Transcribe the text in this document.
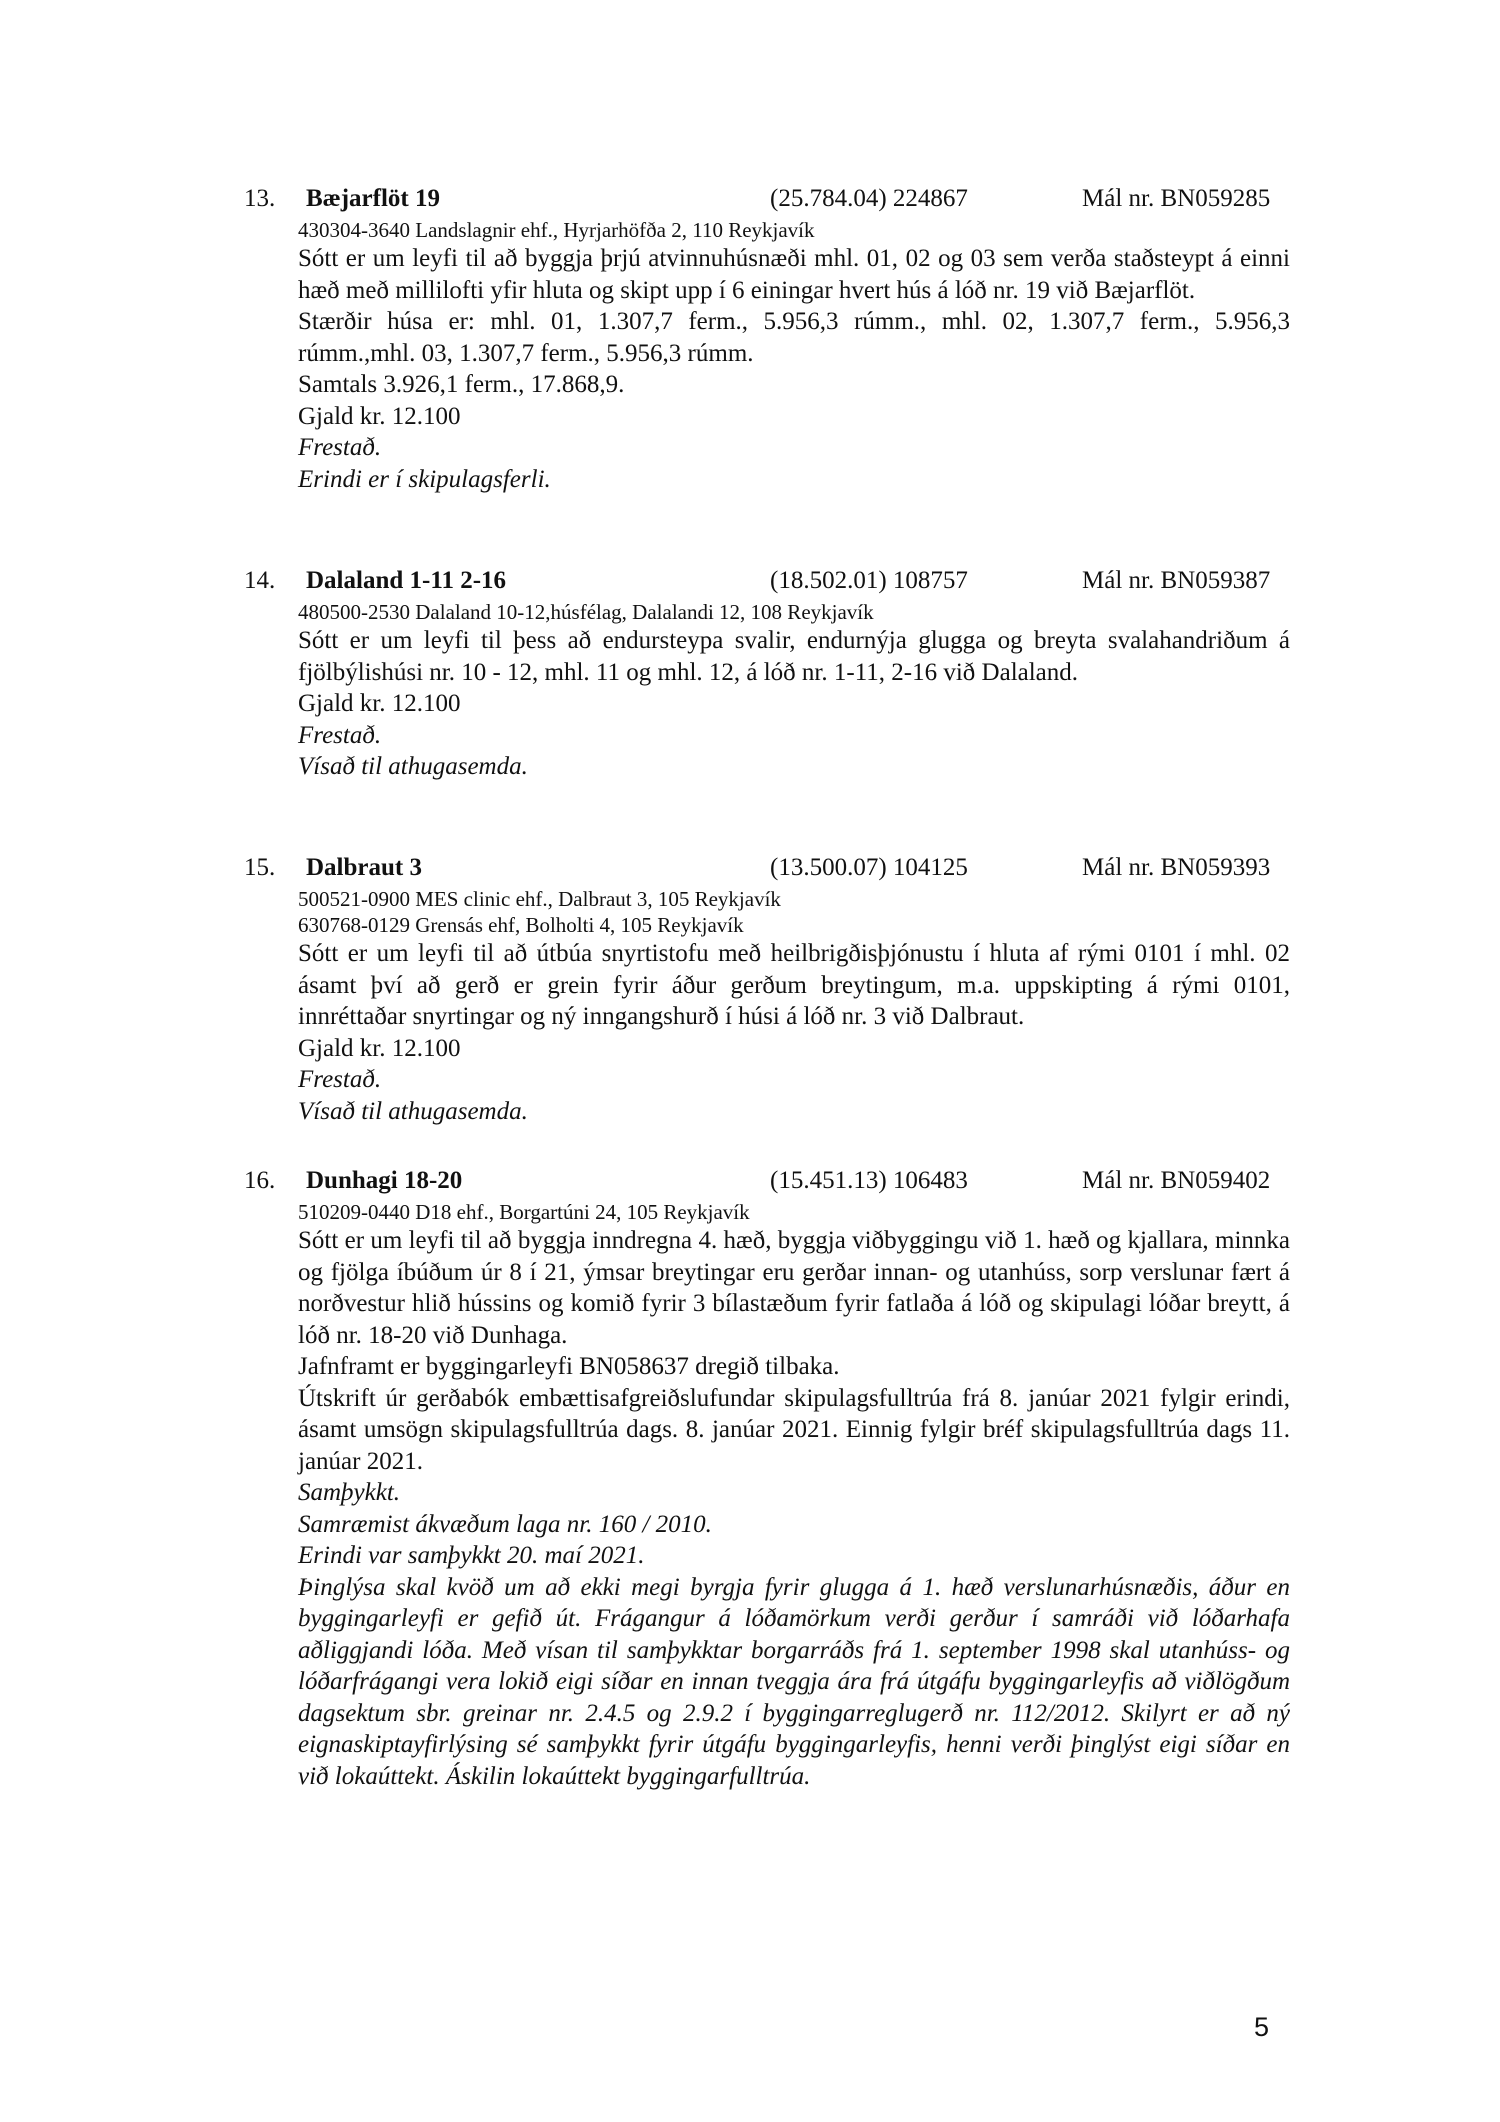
13. Bæjarflöt 19	(25.784.04) 224867	Mál nr. BN059285
430304-3640 Landslagnir ehf., Hyrjarhöfða 2, 110 Reykjavík
Sótt er um leyfi til að byggja þrjú atvinnuhúsnæði mhl. 01, 02 og 03 sem verða staðsteypt á einni hæð með millilofti yfir hluta og skipt upp í 6 einingar hvert hús á lóð nr. 19 við Bæjarflöt.
Stærðir húsa er: mhl. 01, 1.307,7 ferm., 5.956,3 rúmm., mhl. 02, 1.307,7 ferm., 5.956,3 rúmm.,mhl. 03, 1.307,7 ferm., 5.956,3 rúmm.
Samtals 3.926,1 ferm., 17.868,9.
Gjald kr. 12.100
Frestað.
Erindi er í skipulagsferli.
14. Dalaland 1-11 2-16	(18.502.01) 108757	Mál nr. BN059387
480500-2530 Dalaland 10-12,húsfélag, Dalalandi 12, 108 Reykjavík
Sótt er um leyfi til þess að endursteypa svalir, endurnýja glugga og breyta svalahandriðum á fjölbýlishúsi nr. 10 - 12, mhl. 11 og mhl. 12, á lóð nr. 1-11, 2-16 við Dalaland.
Gjald kr. 12.100
Frestað.
Vísað til athugasemda.
15. Dalbraut 3	(13.500.07) 104125	Mál nr. BN059393
500521-0900 MES clinic ehf., Dalbraut 3, 105 Reykjavík
630768-0129 Grensás ehf, Bolholti 4, 105 Reykjavík
Sótt er um leyfi til að útbúa snyrtistofu með heilbrigðisþjónustu í hluta af rými 0101 í mhl. 02 ásamt því að gerð er grein fyrir áður gerðum breytingum, m.a. uppskipting á rými 0101, innréttaðar snyrtingar og ný inngangshurð í húsi á lóð nr. 3 við Dalbraut.
Gjald kr. 12.100
Frestað.
Vísað til athugasemda.
16. Dunhagi 18-20	(15.451.13) 106483	Mál nr. BN059402
510209-0440 D18 ehf., Borgartúni 24, 105 Reykjavík
Sótt er um leyfi til að byggja inndregna 4. hæð, byggja viðbyggingu við 1. hæð og kjallara, minnka og fjölga íbúðum úr 8 í 21, ýmsar breytingar eru gerðar innan- og utanhúss, sorp verslunar fært á norðvestur hlið hússins og komið fyrir 3 bílastæðum fyrir fatlaða á lóð og skipulagi lóðar breytt, á lóð nr. 18-20 við Dunhaga.
Jafnframt er byggingarleyfi BN058637 dregið tilbaka.
Útskrift úr gerðabók embættisafgreiðslufundar skipulagsfulltrúa frá 8. janúar 2021 fylgir erindi, ásamt umsögn skipulagsfulltrúa dags. 8. janúar 2021. Einnig fylgir bréf skipulagsfulltrúa dags 11. janúar 2021.
Samþykkt.
Samræmist ákvæðum laga nr. 160 / 2010.
Erindi var samþykkt 20. maí 2021.
Þinglýsa skal kvöð um að ekki megi byrgja fyrir glugga á 1. hæð verslunarhúsnæðis, áður en byggingarleyfi er gefið út. Frágangur á lóðamörkum verði gerður í samráði við lóðarhafa aðliggjandi lóða. Með vísan til samþykktar borgarráðs frá 1. september 1998 skal utanhúss- og lóðarfrágangi vera lokið eigi síðar en innan tveggja ára frá útgáfu byggingarleyfis að viðlögðum dagsektum sbr. greinar nr. 2.4.5 og 2.9.2 í byggingarreglugerð nr. 112/2012. Skilyrt er að ný eignaskiptayfirlýsing sé samþykkt fyrir útgáfu byggingarleyfis, henni verði þinglýst eigi síðar en við lokaúttekt. Áskilin lokaúttekt byggingarfulltrúa.
5
